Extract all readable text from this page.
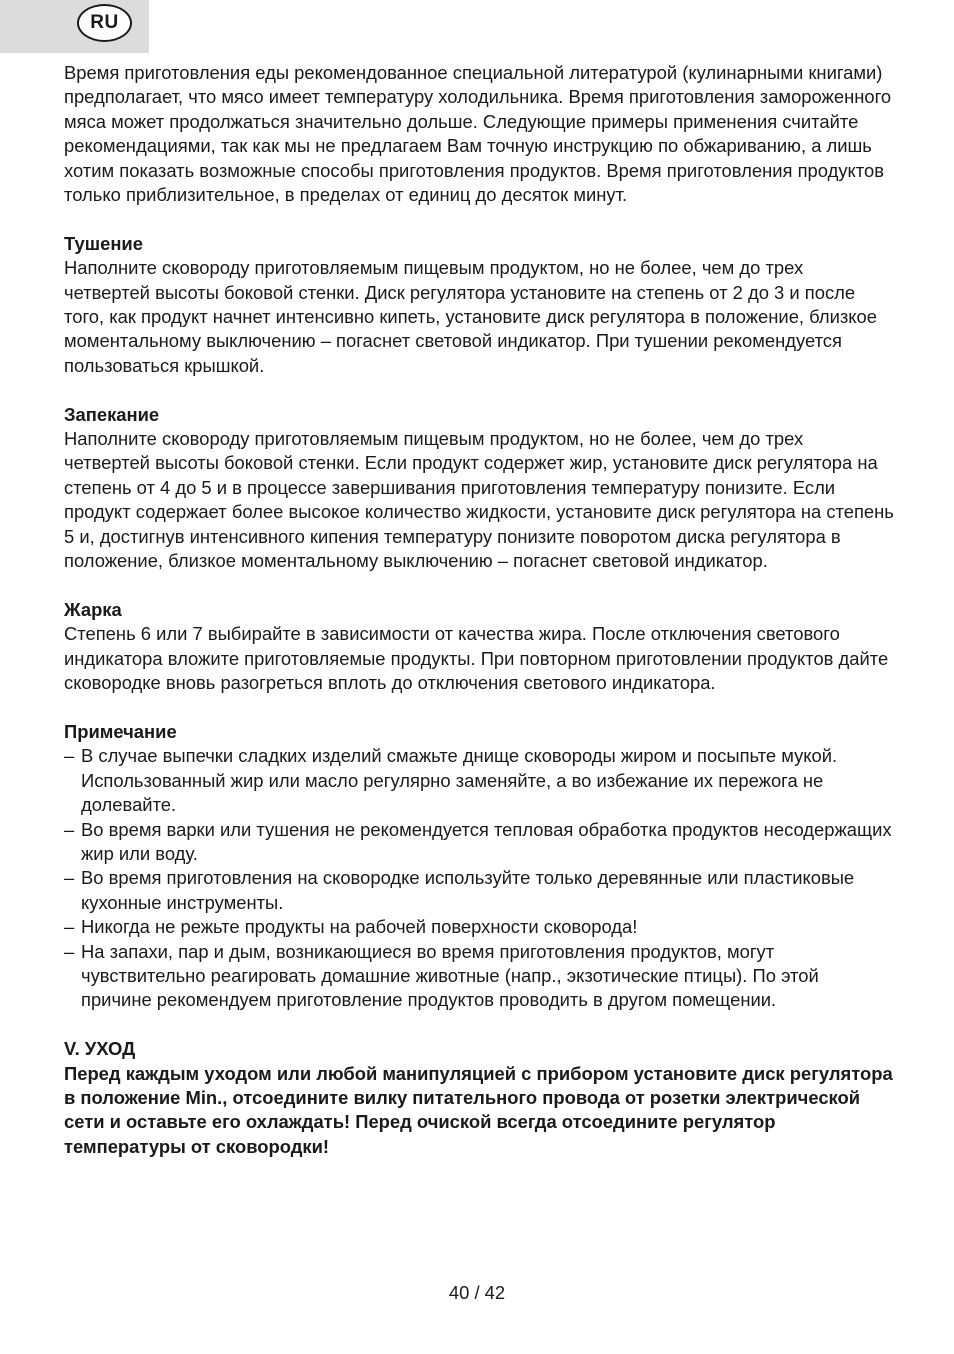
RU

Время приготовления еды рекомендованное специальной литературой (кулинарными книгами) предполагает, что мясо имеет температуру холодильника. Время приготовления замороженного мяса может продолжаться значительно дольше. Следующие примеры применения считайте рекомендациями, так как мы не предлагаем Вам точную инструкцию по обжариванию, а лишь хотим показать возможные способы приготовления продуктов. Время приготовления продуктов только приблизительное, в пределах от единиц до десяток минут.

Тушение

Наполните сковороду приготовляемым пищевым продуктом, но не более, чем до трех четвертей высоты боковой стенки. Диск регулятора установите на степень от 2 до 3 и после того, как продукт начнет интенсивно кипеть, установите диск регулятора в положение, близкое моментальному выключению – погаснет световой индикатор. При тушении рекомендуется пользоваться крышкой.

Запекание

Наполните сковороду приготовляемым пищевым продуктом, но не более, чем до трех четвертей высоты боковой стенки. Если продукт содержет жир, установите диск регулятора на степень от 4 до 5 и в процессе завершивания приготовления температуру понизите. Если продукт содержает более высокое количество жидкости, установите диск регулятора на степень 5 и, достигнув интенсивного кипения температуру понизите поворотом диска регулятора в положение, близкое моментальному выключению – погаснет световой индикатор.

Жарка

Степень 6 или 7 выбирайте в зависимости от качества жира. После отключения светового индикатора вложите приготовляемые продукты. При повторном приготовлении продуктов дайте сковородке вновь разогреться вплоть до отключения светового индикатора.

Примечание

– В случае выпечки сладких изделий смажьте днище сковороды жиром и посыпьте мукой. Использованный жир или масло регулярно заменяйте, а во избежание их пережога не долевайте.
– Во время варки или тушения не рекомендуется тепловая обработка продуктов несодержащих жир или воду.
– Во время приготовления на сковородке используйте только деревянные или пластиковые кухонные инструменты.
– Никогда не режьте продукты на рабочей поверхности сковорода!
– На запахи, пар и дым, возникающиеся во время приготовления продуктов, могут чувствительно реагировать домашние животные (напр., экзотические птицы). По этой причине рекомендуем приготовление продуктов проводить в другом помещении.

V. УХОД

Перед каждым уходом или любой манипуляцией с прибором установите диск регулятора в положение Min., отсоедините вилку питательного провода от розетки электрической сети и оставьте его охлаждать! Перед очиской всегда отсоедините регулятор температуры от сковородки!

40 / 42
